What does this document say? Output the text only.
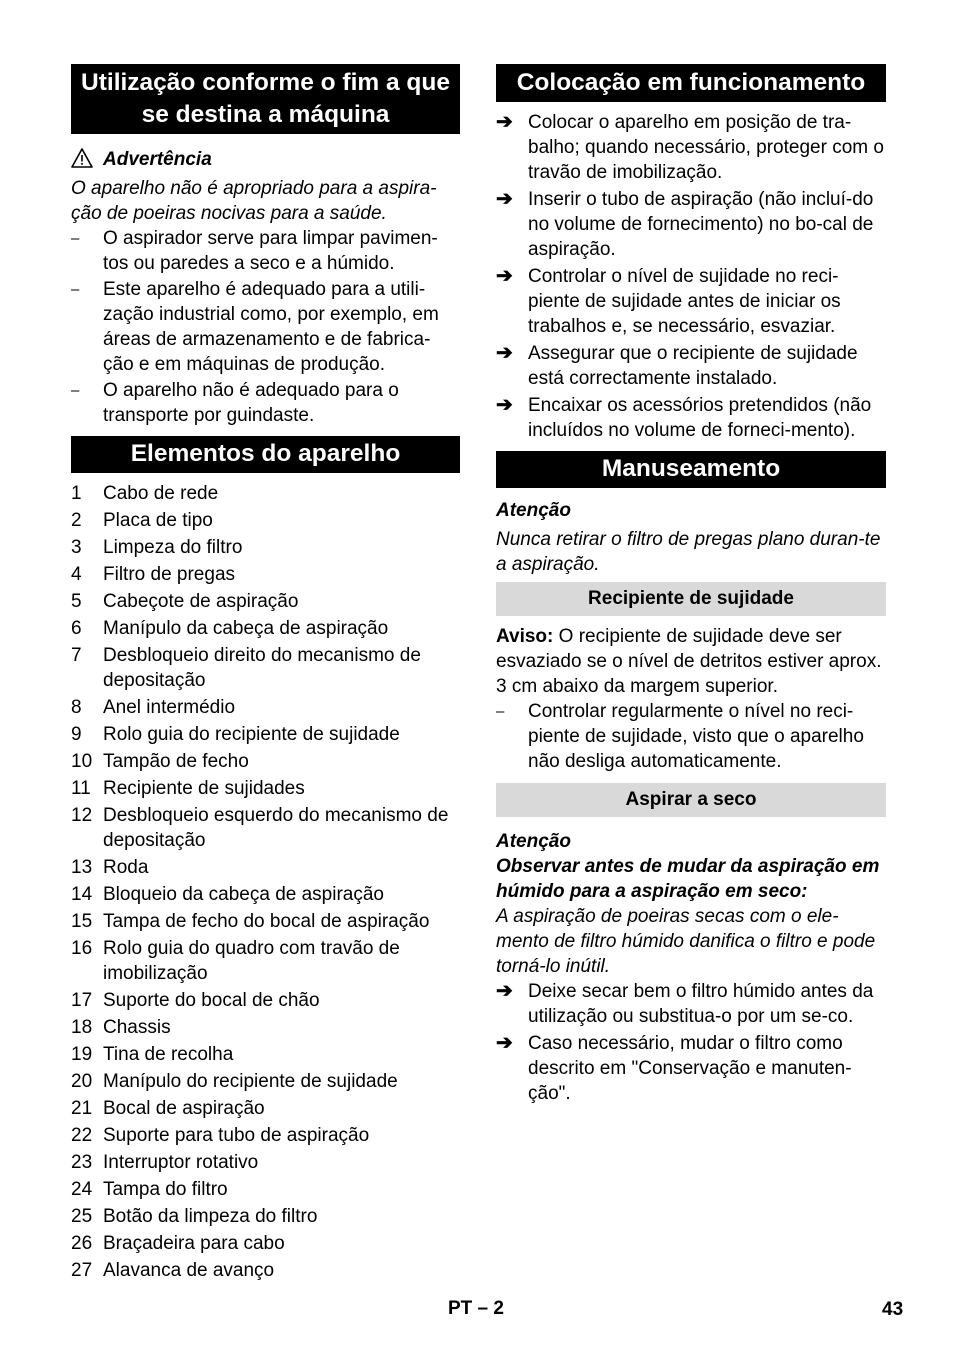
Utilização conforme o fim a que se destina a máquina
Advertência
O aparelho não é apropriado para a aspira-ção de poeiras nocivas para a saúde.
– O aspirador serve para limpar pavimen-tos ou paredes a seco e a húmido.
– Este aparelho é adequado para a utili-zação industrial como, por exemplo, em áreas de armazenamento e de fabrica-ção e em máquinas de produção.
– O aparelho não é adequado para o transporte por guindaste.
Elementos do aparelho
1 Cabo de rede
2 Placa de tipo
3 Limpeza do filtro
4 Filtro de pregas
5 Cabeçote de aspiração
6 Manípulo da cabeça de aspiração
7 Desbloqueio direito do mecanismo de depositação
8 Anel intermédio
9 Rolo guia do recipiente de sujidade
10 Tampão de fecho
11 Recipiente de sujidades
12 Desbloqueio esquerdo do mecanismo de depositação
13 Roda
14 Bloqueio da cabeça de aspiração
15 Tampa de fecho do bocal de aspiração
16 Rolo guia do quadro com travão de imobilização
17 Suporte do bocal de chão
18 Chassis
19 Tina de recolha
20 Manípulo do recipiente de sujidade
21 Bocal de aspiração
22 Suporte para tubo de aspiração
23 Interruptor rotativo
24 Tampa do filtro
25 Botão da limpeza do filtro
26 Braçadeira para cabo
27 Alavanca de avanço
Colocação em funcionamento
➔ Colocar o aparelho em posição de tra-balho; quando necessário, proteger com o travão de imobilização.
➔ Inserir o tubo de aspiração (não incluí-do no volume de fornecimento) no bo-cal de aspiração.
➔ Controlar o nível de sujidade no reci-piente de sujidade antes de iniciar os trabalhos e, se necessário, esvaziar.
➔ Assegurar que o recipiente de sujidade está correctamente instalado.
➔ Encaixar os acessórios pretendidos (não incluídos no volume de forneci-mento).
Manuseamento
Atenção
Nunca retirar o filtro de pregas plano duran-te a aspiração.
Recipiente de sujidade
Aviso: O recipiente de sujidade deve ser esvaziado se o nível de detritos estiver aprox. 3 cm abaixo da margem superior.
– Controlar regularmente o nível no reci-piente de sujidade, visto que o aparelho não desliga automaticamente.
Aspirar a seco
Atenção
Observar antes de mudar da aspiração em húmido para a aspiração em seco:
A aspiração de poeiras secas com o ele-mento de filtro húmido danifica o filtro e pode torná-lo inútil.
➔ Deixe secar bem o filtro húmido antes da utilização ou substitua-o por um se-co.
➔ Caso necessário, mudar o filtro como descrito em "Conservação e manuten-ção".
PT – 2	43
